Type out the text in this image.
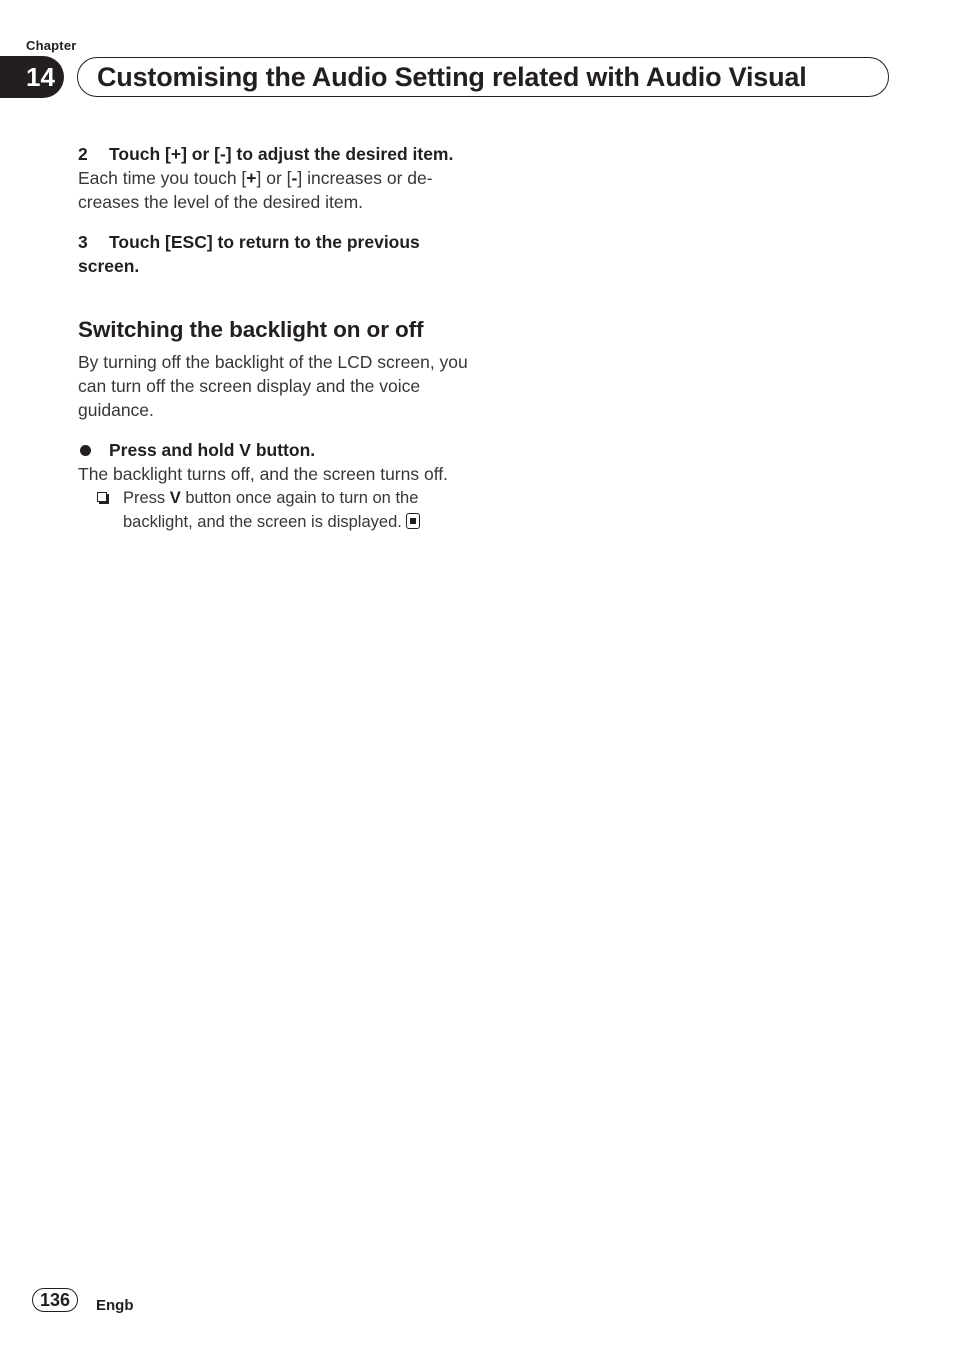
Chapter
14	Customising the Audio Setting related with Audio Visual

2 Touch [+] or [-] to adjust the desired item.

Each time you touch [+] or [-] increases or de-creases the level of the desired item.

3 Touch [ESC] to return to the previous screen.

Switching the backlight on or off

By turning off the backlight of the LCD screen, you can turn off the screen display and the voice guidance.

Press and hold V button.

The backlight turns off, and the screen turns off.

Press V button once again to turn on the backlight, and the screen is displayed.

136	Engb
